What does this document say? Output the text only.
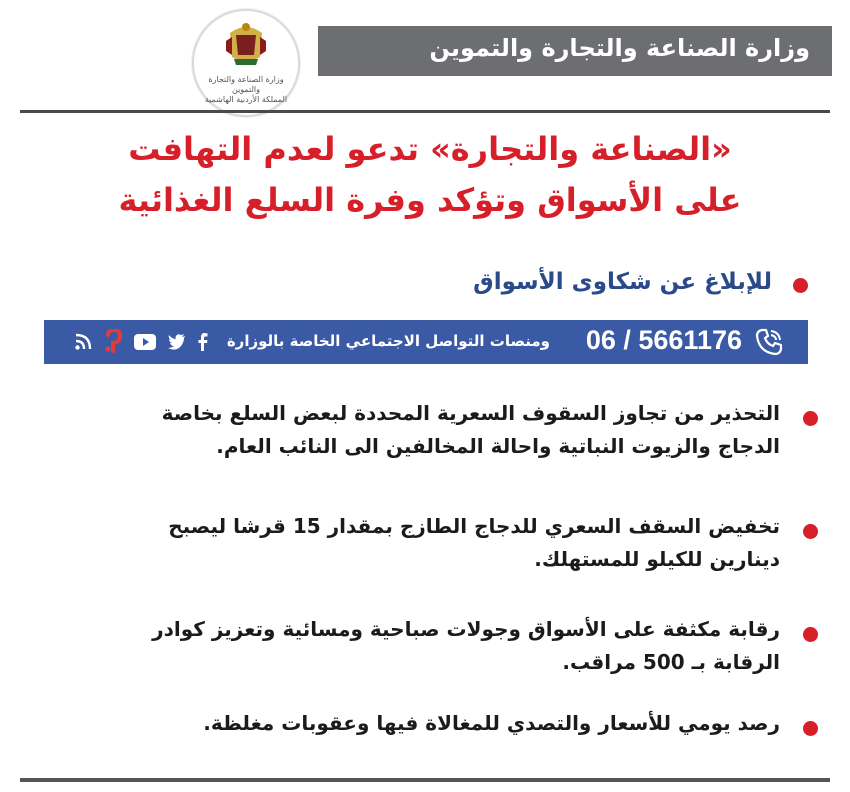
وزارة الصناعة والتجارة والتموين
وزارة الصناعة والتجارة والتموين
المملكة الأردنية الهاشمية
«الصناعة والتجارة» تدعو لعدم التهافت
على الأسواق وتؤكد وفرة السلع الغذائية
للإبلاغ عن شكاوى الأسواق
06 / 5661176
ومنصات التواصل الاجتماعي الخاصة بالوزارة
التحذير من تجاوز السقوف السعرية المحددة لبعض السلع بخاصة
الدجاج والزيوت النباتية واحالة المخالفين الى النائب العام.
تخفيض السقف السعري للدجاج الطازج بمقدار 15 قرشا ليصبح
دينارين للكيلو للمستهلك.
رقابة مكثفة على الأسواق وجولات صباحية ومسائية وتعزيز كوادر
الرقابة بـ 500 مراقب.
رصد يومي للأسعار والتصدي للمغالاة فيها وعقوبات مغلظة.
